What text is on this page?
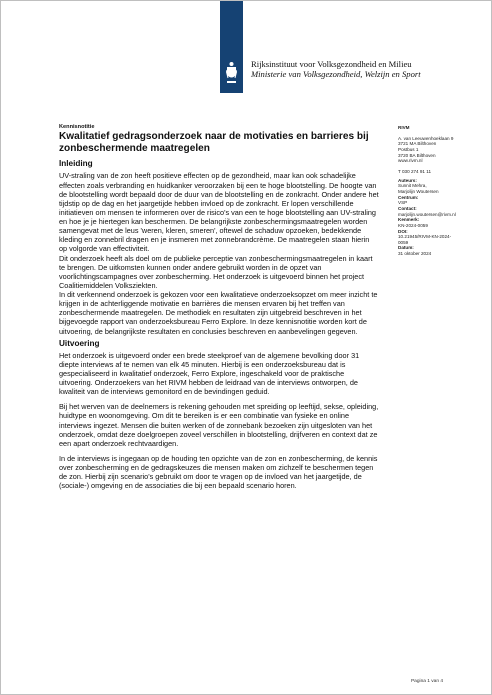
Rijksinstituut voor Volksgezondheid en Milieu
Ministerie van Volksgezondheid, Welzijn en Sport
Kennisnotitie
Kwalitatief gedragsonderzoek naar de motivaties en barrieres bij zonbeschermende maatregelen
Inleiding

UV-straling van de zon heeft positieve effecten op de gezondheid, maar kan ook schadelijke effecten zoals verbranding en huidkanker veroorzaken bij een te hoge blootstelling. De hoogte van de blootstelling wordt bepaald door de duur van de blootstelling en de zonkracht. Onder andere het tijdstip op de dag en het jaargetijde hebben invloed op de zonkracht. Er lopen verschillende initiatieven om mensen te informeren over de risico's van een te hoge blootstelling aan UV-straling en hoe je je hiertegen kan beschermen. De belangrijkste zonbeschermingsmaatregelen worden samengevat met de leus 'weren, kleren, smeren', oftewel de schaduw opzoeken, bedekkende kleding en zonnebril dragen en je insmeren met zonnebrandcrème. De maatregelen staan hierin op volgorde van effectiviteit.

Dit onderzoek heeft als doel om de publieke perceptie van zonbeschermingsmaatregelen in kaart te brengen. De uitkomsten kunnen onder andere gebruikt worden in de opzet van voorlichtingscampagnes over zonbescherming. Het onderzoek is uitgevoerd binnen het project Coalitiemiddelen Volksziekten.

In dit verkennend onderzoek is gekozen voor een kwalitatieve onderzoeksopzet om meer inzicht te krijgen in de achterliggende motivatie en barrières die mensen ervaren bij het treffen van zonbeschermende maatregelen. De methodiek en resultaten zijn uitgebreid beschreven in het bijgevoegde rapport van onderzoeksbureau Ferro Explore. In deze kennisnotitie worden kort de uitvoering, de belangrijkste resultaten en conclusies beschreven en aanbevelingen gegeven.

Uitvoering

Het onderzoek is uitgevoerd onder een brede steekproef van de algemene bevolking door 31 diepte interviews af te nemen van elk 45 minuten. Hierbij is een onderzoeksbureau dat is gespecialiseerd in kwalitatief onderzoek, Ferro Explore, ingeschakeld voor de praktische uitvoering. Onderzoekers van het RIVM hebben de leidraad van de interviews ontworpen, de kwaliteit van de interviews gemonitord en de bevindingen geduid.

Bij het werven van de deelnemers is rekening gehouden met spreiding op leeftijd, sekse, opleiding, huidtype en woonomgeving. Om dit te bereiken is er een combinatie van fysieke en online interviews ingezet. Mensen die buiten werken of de zonnebank bezoeken zijn uitgesloten van het onderzoek, omdat deze doelgroepen zoveel verschillen in blootstelling, drijfveren en context dat ze een apart onderzoek rechtvaardigen.

In de interviews is ingegaan op de houding ten opzichte van de zon en zonbescherming, de kennis over zonbescherming en de gedragskeuzes die mensen maken om zichzelf te beschermen tegen de zon. Hierbij zijn scenario's gebruikt om door te vragen op de invloed van het jaargetijde, de (sociale-) omgeving en de associaties die bij een bepaald scenario horen.

RIVM
A. van Leeuwenhoeklaan 9
3721 MA Bilthoven
Postbus 1
3720 BA Bilthoven
www.rivm.nl
T 030 274 91 11
Auteurs:
Sunnit Mehra,
Marjolijn Woutersen
Centrum:
VSP
Contact:
marjolijn.woutersen@rivm.nl
Kenmerk:
KN-2024-0059
DOI:
10.21945/RIVM-KN-2024-
0059
Datum:
31 oktober 2024
Pagina 1 van 4
